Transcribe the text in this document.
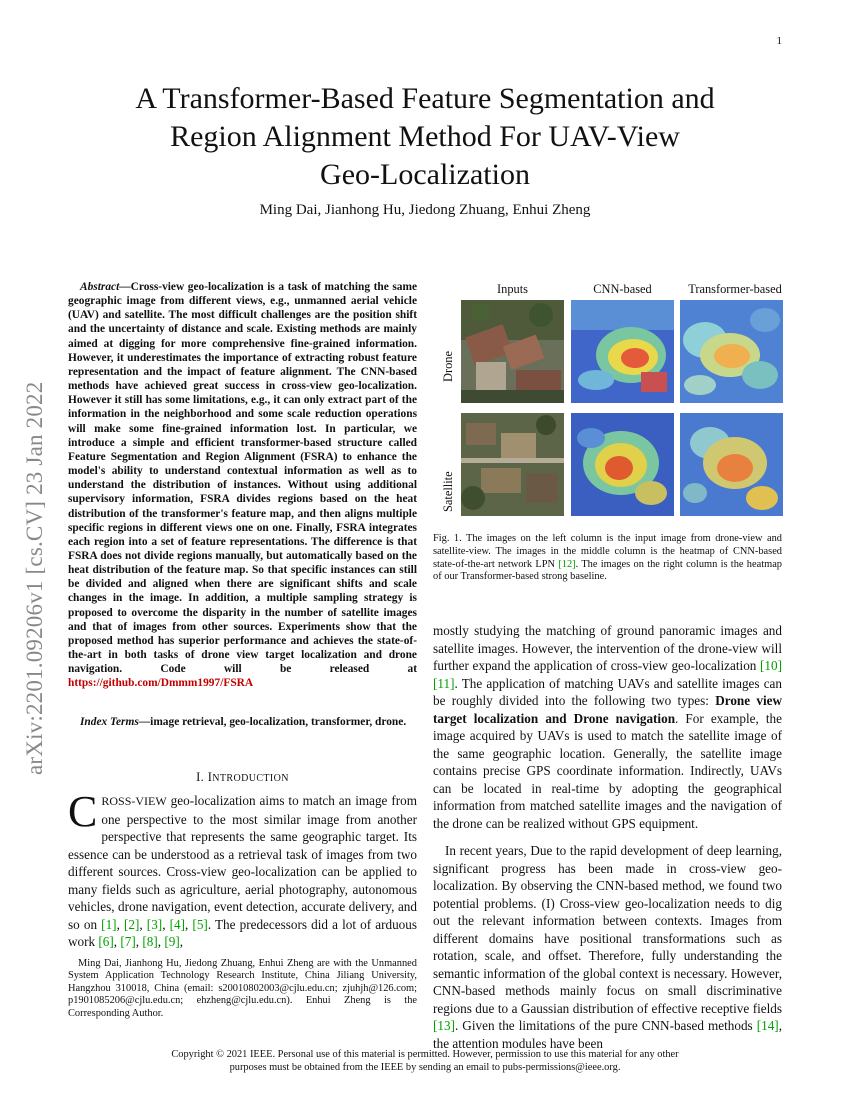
1
A Transformer-Based Feature Segmentation and
Region Alignment Method For UAV-View
Geo-Localization
Ming Dai, Jianhong Hu, Jiedong Zhuang, Enhui Zheng
arXiv:2201.09206v1 [cs.CV] 23 Jan 2022

Abstract—Cross-view geo-localization is a task of matching the same geographic image from different views, e.g., unmanned aerial vehicle (UAV) and satellite. The most difficult challenges are the position shift and the uncertainty of distance and scale. Existing methods are mainly aimed at digging for more comprehensive fine-grained information. However, it underestimates the importance of extracting robust feature representation and the impact of feature alignment. The CNN-based methods have achieved great success in cross-view geo-localization. However it still has some limitations, e.g., it can only extract part of the information in the neighborhood and some scale reduction operations will make some fine-grained information lost. In particular, we introduce a simple and efficient transformer-based structure called Feature Segmentation and Region Alignment (FSRA) to enhance the model's ability to understand contextual information as well as to understand the distribution of instances. Without using additional supervisory information, FSRA divides regions based on the heat distribution of the transformer's feature map, and then aligns multiple specific regions in different views one on one. Finally, FSRA integrates each region into a set of feature representations. The difference is that FSRA does not divide regions manually, but automatically based on the heat distribution of the feature map. So that specific instances can still be divided and aligned when there are significant shifts and scale changes in the image. In addition, a multiple sampling strategy is proposed to overcome the disparity in the number of satellite images and that of images from other sources. Experiments show that the proposed method has superior performance and achieves the state-of-the-art in both tasks of drone view target localization and drone navigation. Code will be released at https://github.com/Dmmm1997/FSRA

Index Terms—image retrieval, geo-localization, transformer, drone.
I. INTRODUCTION
CROSS-VIEW geo-localization aims to match an image from one perspective to the most similar image from another perspective that represents the same geographic target. Its essence can be understood as a retrieval task of images from two different sources. Cross-view geo-localization can be applied to many fields such as agriculture, aerial photography, autonomous vehicles, drone navigation, event detection, accurate delivery, and so on [1], [2], [3], [4], [5]. The predecessors did a lot of arduous work [6], [7], [8], [9],
Ming Dai, Jianhong Hu, Jiedong Zhuang, Enhui Zheng are with the Unmanned System Application Technology Research Institute, China Jiliang University, Hangzhou 310018, China (email: s20010802003@cjlu.edu.cn; zjuhjh@126.com; p1901085206@cjlu.edu.cn; ehzheng@cjlu.edu.cn). Enhui Zheng is the Corresponding Author.
Inputs	CNN-based	Transformer-based
Drone
Satellite
Fig. 1. The images on the left column is the input image from drone-view and satellite-view. The images in the middle column is the heatmap of CNN-based state-of-the-art network LPN [12]. The images on the right column is the heatmap of our Transformer-based strong baseline.

mostly studying the matching of ground panoramic images and satellite images. However, the intervention of the drone-view will further expand the application of cross-view geo-localization [10] [11]. The application of matching UAVs and satellite images can be roughly divided into the following two types: Drone view target localization and Drone navigation. For example, the image acquired by UAVs is used to match the satellite image of the same geographic location. Generally, the satellite image contains precise GPS coordinate information. Indirectly, UAVs can be located in real-time by adopting the geographical information from matched satellite images and the navigation of the drone can be realized without GPS equipment.

In recent years, Due to the rapid development of deep learning, significant progress has been made in cross-view geo-localization. By observing the CNN-based method, we found two potential problems. (I) Cross-view geo-localization needs to dig out the relevant information between contexts. Images from different domains have positional transformations such as rotation, scale, and offset. Therefore, fully understanding the semantic information of the global context is necessary. However, CNN-based methods mainly focus on small discriminative regions due to a Gaussian distribution of effective receptive fields [13]. Given the limitations of the pure CNN-based methods [14], the attention modules have been

Copyright © 2021 IEEE. Personal use of this material is permitted. However, permission to use this material for any other
purposes must be obtained from the IEEE by sending an email to pubs-permissions@ieee.org.
